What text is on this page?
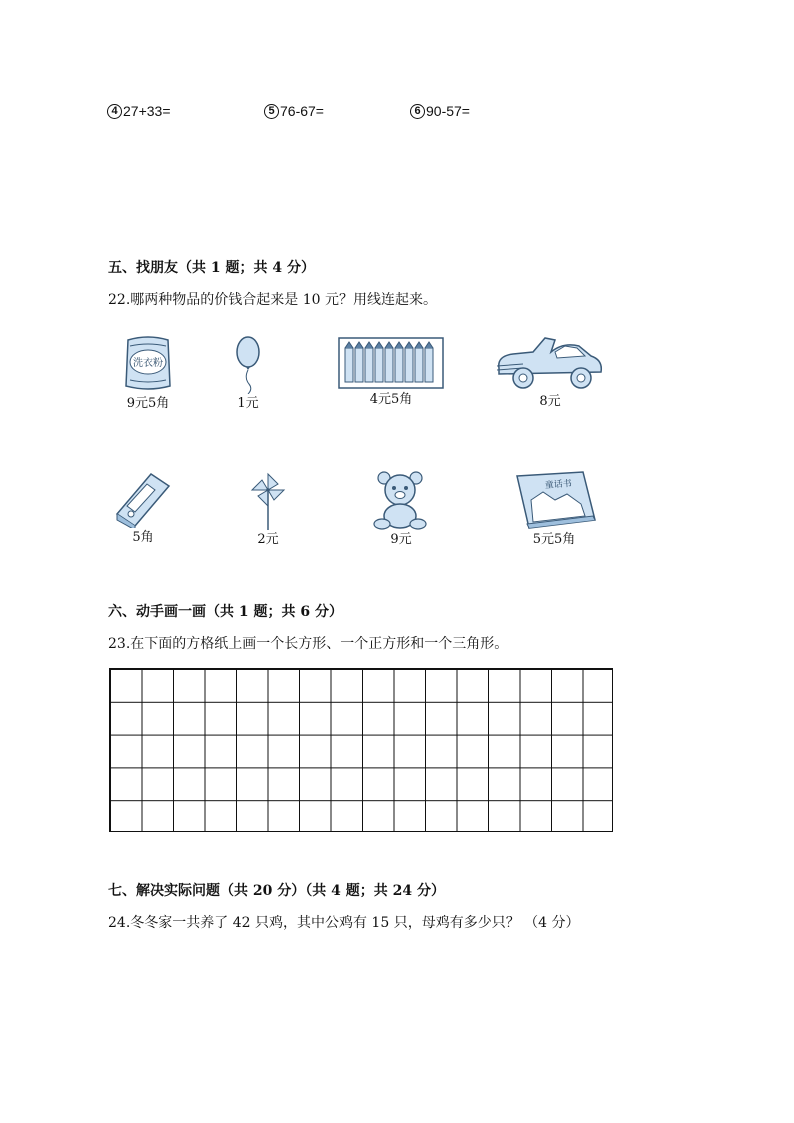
4 27+33=	5 76-67=	6 90-57=
五、找朋友（共 1 题；共 4 分）
22.哪两种物品的价钱合起来是 10 元？用线连起来。
洗衣粉
9元5角	1元	4元5角	8元
5角	2元	9元
童话书
5元5角
六、动手画一画（共 1 题；共 6 分）
23.在下面的方格纸上画一个长方形、一个正方形和一个三角形。
七、解决实际问题（共 20 分）（共 4 题；共 24 分）
24.冬冬家一共养了 42 只鸡，其中公鸡有 15 只，母鸡有多少只？ （4 分）
